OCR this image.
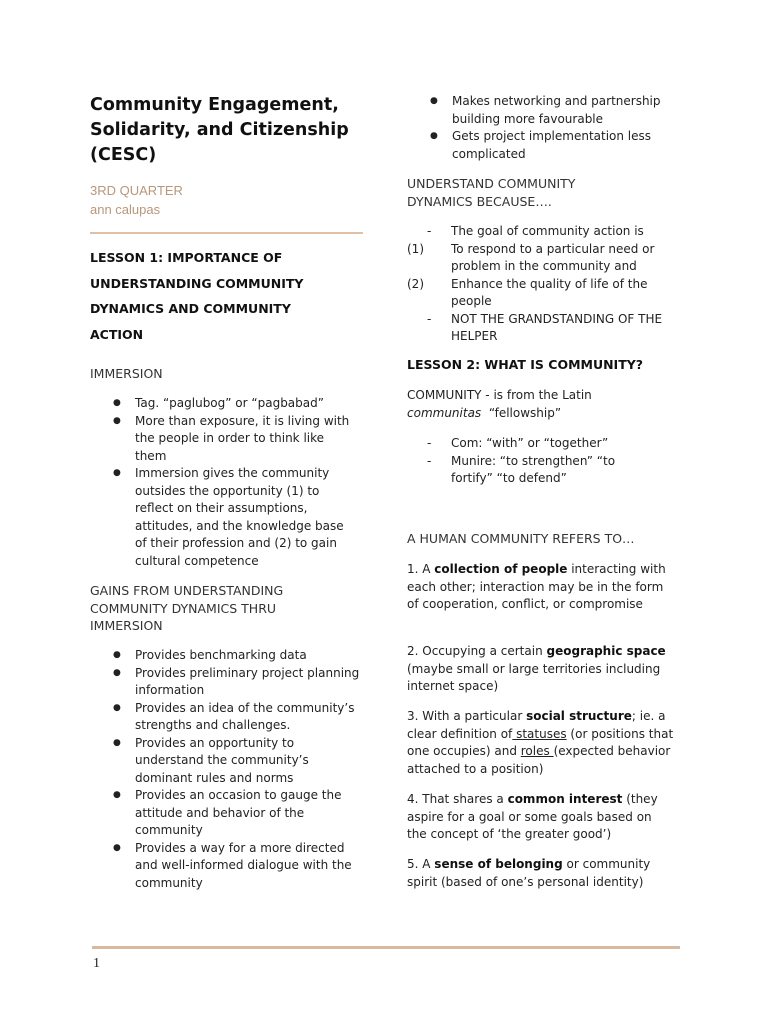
Community Engagement, Solidarity, and Citizenship (CESC)
3RD QUARTER
ann calupas

LESSON 1: IMPORTANCE OF UNDERSTANDING COMMUNITY DYNAMICS AND COMMUNITY ACTION

IMMERSION

● Tag. “paglubog” or “pagbabad”
● More than exposure, it is living with the people in order to think like them
● Immersion gives the community outsides the opportunity (1) to reflect on their assumptions, attitudes, and the knowledge base of their profession and (2) to gain cultural competence

GAINS FROM UNDERSTANDING COMMUNITY DYNAMICS THRU IMMERSION

● Provides benchmarking data
● Provides preliminary project planning information
● Provides an idea of the community’s strengths and challenges.
● Provides an opportunity to understand the community’s dominant rules and norms
● Provides an occasion to gauge the attitude and behavior of the community
● Provides a way for a more directed and well-informed dialogue with the community
● Makes networking and partnership building more favourable
● Gets project implementation less complicated

UNDERSTAND COMMUNITY DYNAMICS BECAUSE….

- The goal of community action is
(1) To respond to a particular need or problem in the community and
(2) Enhance the quality of life of the people
- NOT THE GRANDSTANDING OF THE HELPER

LESSON 2: WHAT IS COMMUNITY?

COMMUNITY - is from the Latin
communitas “fellowship”

- Com: “with” or “together”
- Munire: “to strengthen” “to fortify” “to defend”

A HUMAN COMMUNITY REFERS TO…

1. A collection of people interacting with each other; interaction may be in the form of cooperation, conflict, or compromise

2. Occupying a certain geographic space (maybe small or large territories including internet space)

3. With a particular social structure; ie. a clear definition of statuses (or positions that one occupies) and roles (expected behavior attached to a position)

4. That shares a common interest (they aspire for a goal or some goals based on the concept of ‘the greater good’)

5. A sense of belonging or community spirit (based of one’s personal identity)

1
